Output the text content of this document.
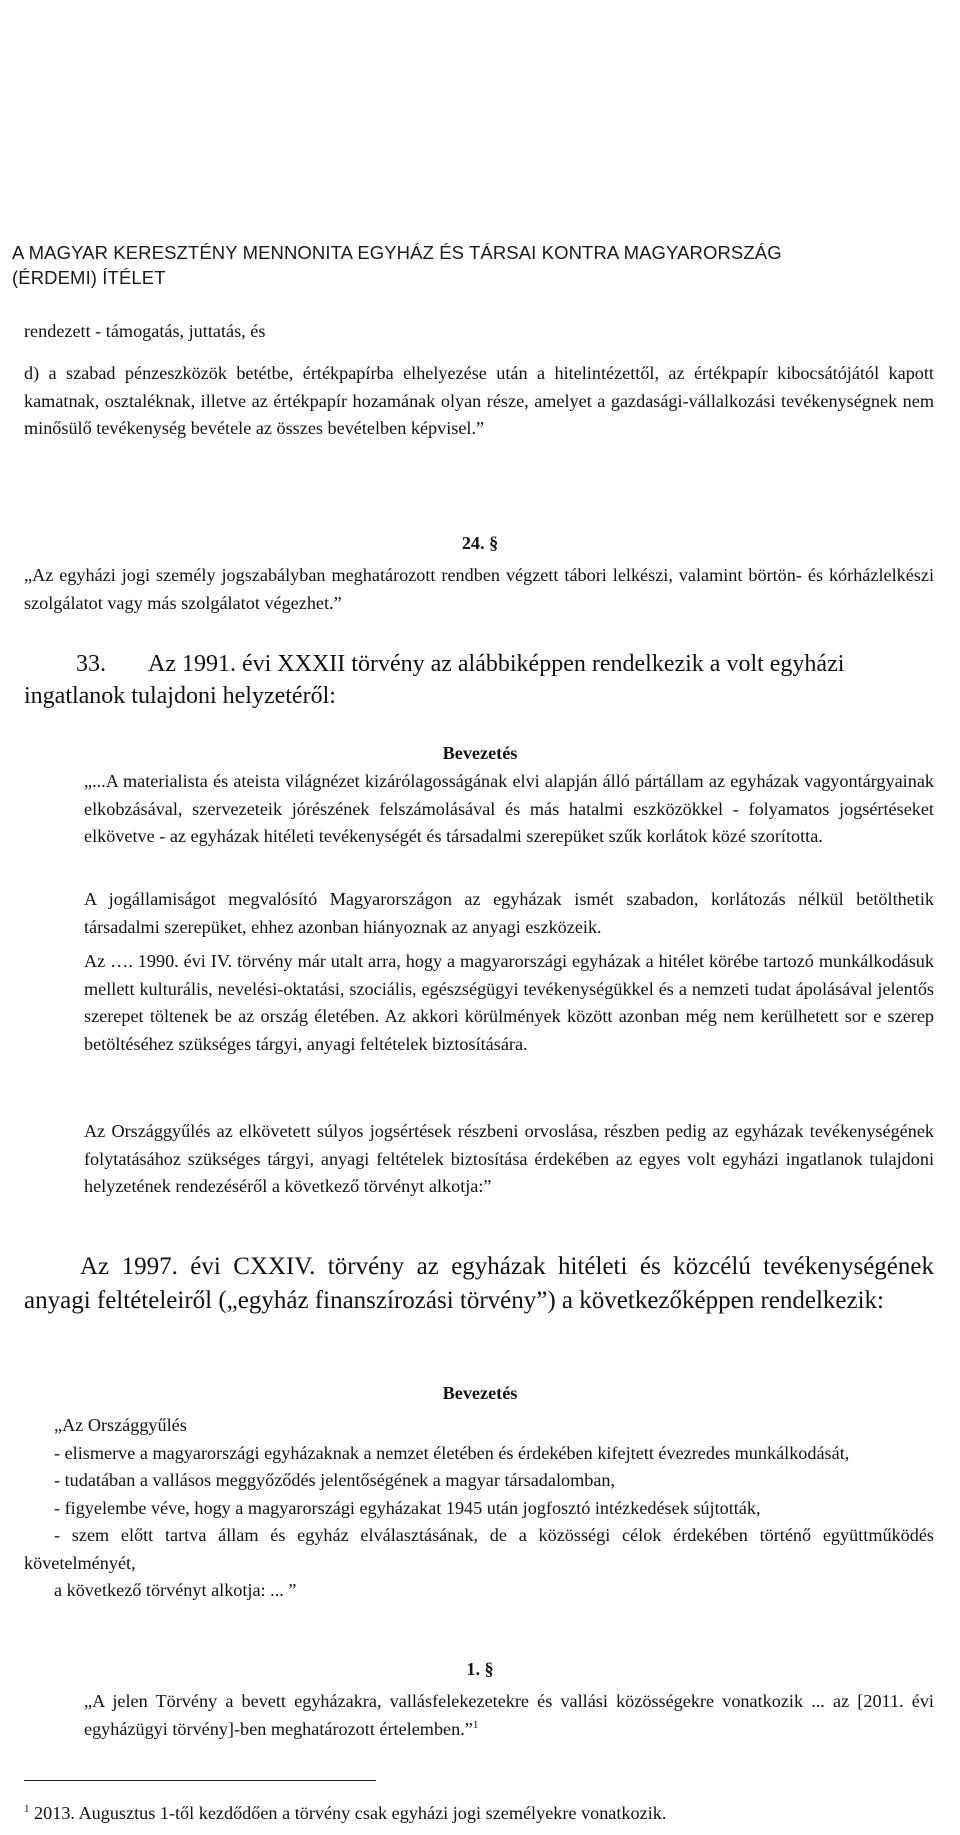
A MAGYAR KERESZTÉNY MENNONITA EGYHÁZ ÉS TÁRSAI KONTRA MAGYARORSZÁG
(ÉRDEMI) ÍTÉLET
rendezett - támogatás, juttatás, és
d) a szabad pénzeszközök betétbe, értékpapírba elhelyezése után a hitelintézettől, az értékpapír kibocsátójától kapott kamatnak, osztaléknak, illetve az értékpapír hozamának olyan része, amelyet a gazdasági-vállalkozási tevékenységnek nem minősülő tevékenység bevétele az összes bevételben képvisel.”
24. §
„Az egyházi jogi személy jogszabályban meghatározott rendben végzett tábori lelkészi, valamint börtön- és kórházlelkészi szolgálatot vagy más szolgálatot végezhet.”
33. Az 1991. évi XXXII törvény az alábbiképpen rendelkezik a volt egyházi ingatlanok tulajdoni helyzetéről:
Bevezetés
„...A materialista és ateista világnézet kizárólagosságának elvi alapján álló pártállam az egyházak vagyontárgyainak elkobzásával, szervezeteik jórészének felszámolásával és más hatalmi eszközökkel - folyamatos jogsértéseket elkövetve - az egyházak hitéleti tevékenységét és társadalmi szerepüket szűk korlátok közé szorította.
A jogállamiságot megvalósító Magyarországon az egyházak ismét szabadon, korlátozás nélkül betölthetik társadalmi szerepüket, ehhez azonban hiányoznak az anyagi eszközeik.
Az …. 1990. évi IV. törvény már utalt arra, hogy a magyarországi egyházak a hitélet körébe tartozó munkálkodásuk mellett kulturális, nevelési-oktatási, szociális, egészségügyi tevékenységükkel és a nemzeti tudat ápolásával jelentős szerepet töltenek be az ország életében. Az akkori körülmények között azonban még nem kerülhetett sor e szerep betöltéséhez szükséges tárgyi, anyagi feltételek biztosítására.
Az Országgyűlés az elkövetett súlyos jogsértések részbeni orvoslása, részben pedig az egyházak tevékenységének folytatásához szükséges tárgyi, anyagi feltételek biztosítása érdekében az egyes volt egyházi ingatlanok tulajdoni helyzetének rendezéséről a következő törvényt alkotja:”
Az 1997. évi CXXIV. törvény az egyházak hitéleti és közcélú tevékenységének anyagi feltételeiről („egyház finanszírozási törvény”) a következőképpen rendelkezik:
Bevezetés
„Az Országgyűlés
- elismerve a magyarországi egyházaknak a nemzet életében és érdekében kifejtett évezredes munkálkodását,
- tudatában a vallásos meggyőződés jelentőségének a magyar társadalomban,
- figyelembe véve, hogy a magyarországi egyházakat 1945 után jogfosztó intézkedések sújtották,
- szem előtt tartva állam és egyház elválasztásának, de a közösségi célok érdekében történő együttműködés követelményét,
a következő törvényt alkotja: ... ”
1. §
„A jelen Törvény a bevett egyházakra, vallásfelekezetekre és vallási közösségekre vonatkozik ... az [2011. évi egyházügyi törvény]-ben meghatározott értelemben.”$^1$
$^1$ 2013. Augusztus 1-től kezdődően a törvény csak egyházi jogi személyekre vonatkozik.
